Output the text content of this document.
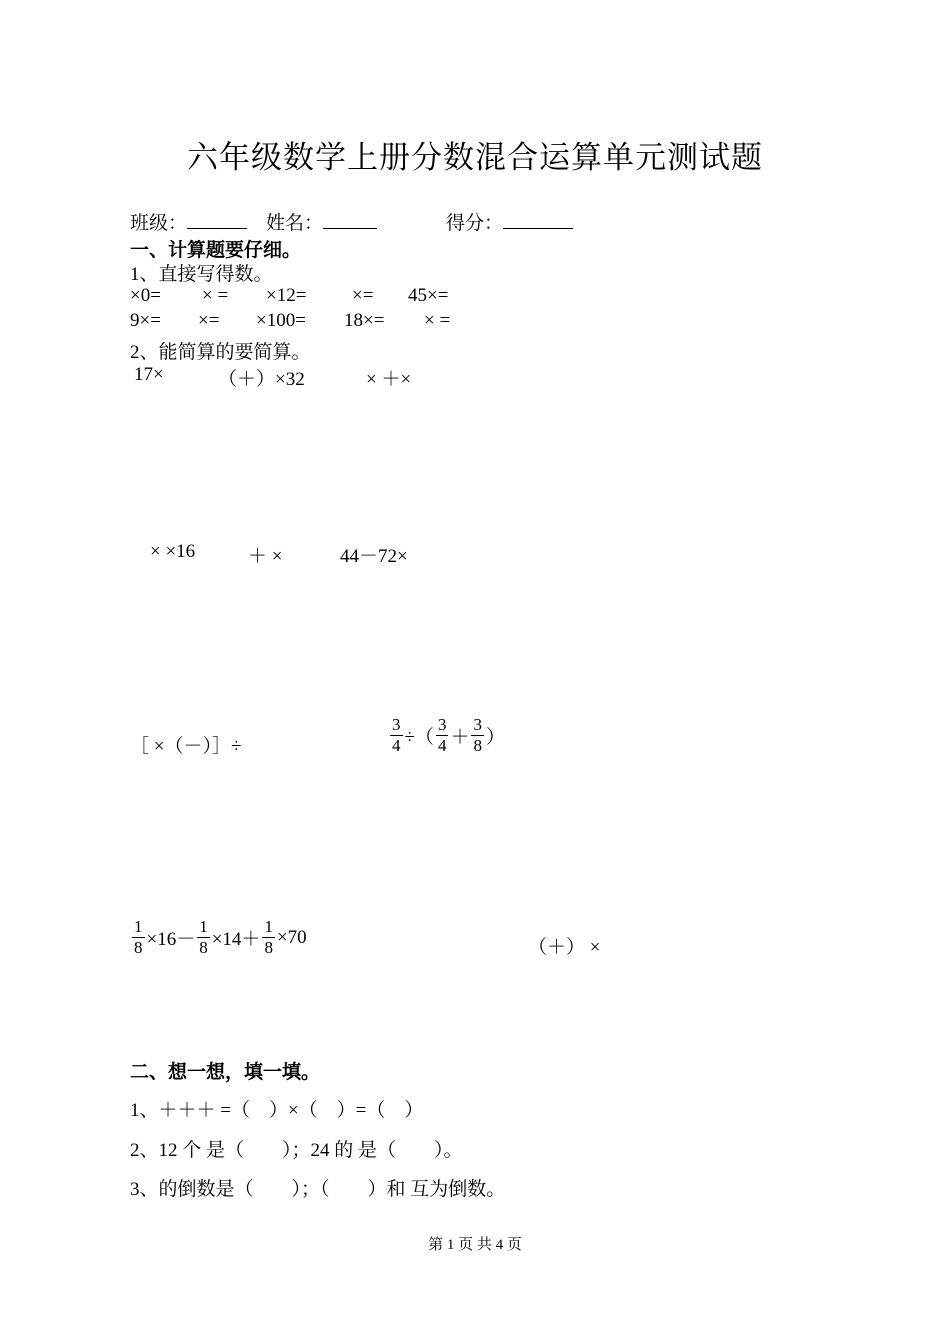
六年级数学上册分数混合运算单元测试题
班级：	姓名：	得分：
一、计算题要仔细。
1、直接写得数。
×0= × = ×12= ×= 45×=
9×= ×= ×100= 18×= × =
2、能简算的要简算。
17×	（＋）×32	× ＋×
× ×16	＋ ×	44－72×
［ ×（－）］÷	$\frac{3}{4}$ ÷（ $\frac{3}{4} + \frac{3}{8}$ ）
$\frac{1}{8} \times 16- \frac{1}{8} \times 14+ \frac{1}{8} \times 70$	（＋） ×
二、想一想，填一填。
1、＋＋＋ =（　）×（　）=（　）
2、12 个 是（　　）；24 的 是（　　）。
3、的倒数是（　　）；（　　）和 互为倒数。
第 1 页 共 4 页
